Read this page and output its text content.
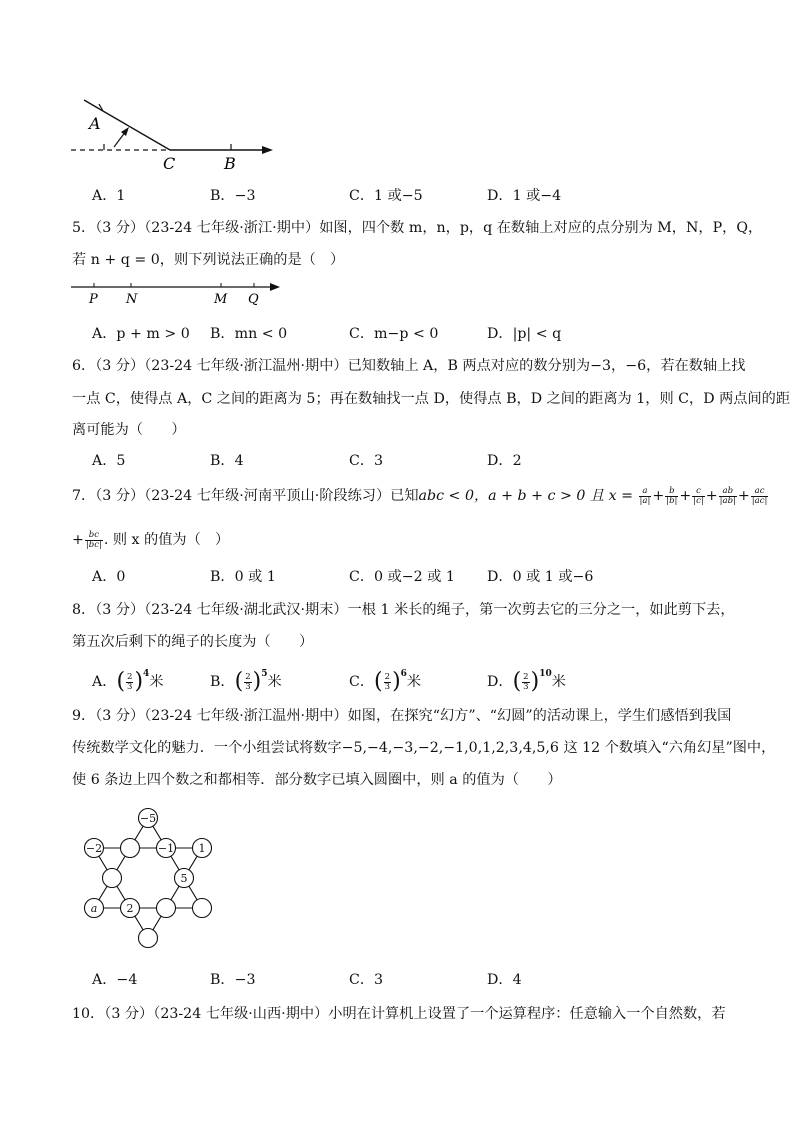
A
C	B
A．1	B．−3	C．1 或−5	D．1 或−4
5．（3 分）（23-24 七年级·浙江·期中）如图，四个数 m，n，p，q 在数轴上对应的点分别为 M，N，P，Q，
若 n + q = 0，则下列说法正确的是（　）
P N	M Q
A．p + m > 0 B．mn < 0	C．m−p < 0	D．|p| < q
6．（3 分）（23-24 七年级·浙江温州·期中）已知数轴上 A，B 两点对应的数分别为−3，−6，若在数轴上找
一点 C，使得点 A，C 之间的距离为 5；再在数轴找一点 D，使得点 B，D 之间的距离为 1，则 C，D 两点间的距
离可能为（　　）
A．5	B．4	C．3	D．2
7．（3 分）（23-24 七年级·河南平顶山·阶段练习）已知abc < 0，a + b + c > 0 且 $x = \frac{a}{|a|} + \frac{b}{|b|} + \frac{c}{|c|} + \frac{ab}{|ab|} + \frac{ac}{|ac|}$
+ $\frac{bc}{|bc|}$ . 则 x 的值为（　）
A．0	B．0 或 1	C．0 或−2 或 1 D．0 或 1 或−6
8．（3 分）（23-24 七年级·湖北武汉·期末）一根 1 米长的绳子，第一次剪去它的三分之一，如此剪下去，
第五次后剩下的绳子的长度为（　　）
A．( $\frac{2}{3} )^4$米	B．( $\frac{2}{3} )^5$米	C．( $\frac{2}{3} )^6$米	D．( $\frac{2}{3} )^{10}$米
9．（3 分）（23-24 七年级·浙江温州·期中）如图，在探究“幻方”、“幻圆”的活动课上，学生们感悟到我国
传统数学文化的魅力．一个小组尝试将数字−5,−4,−3,−2,−1,0,1,2,3,4,5,6 这 12 个数填入“六角幻星”图中，
使 6 条边上四个数之和都相等．部分数字已填入圆圈中，则 a 的值为（　　）
−5
−2	−1 1
5
a	2
A．−4	B．−3	C．3	D．4
10．（3 分）（23-24 七年级·山西·期中）小明在计算机上设置了一个运算程序：任意输入一个自然数，若
